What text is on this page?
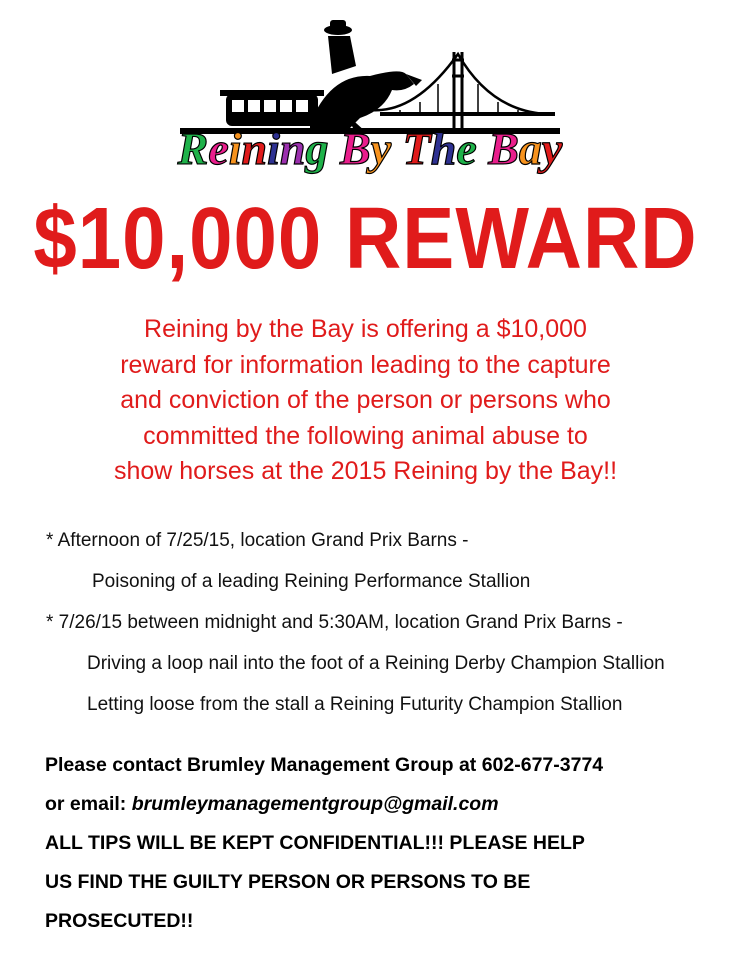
Reining By The Bay
$10,000 REWARD
Reining by the Bay is offering a $10,000
reward for information leading to the capture
and conviction of the person or persons who
committed the following animal abuse to
show horses at the 2015 Reining by the Bay!!
* Afternoon of 7/25/15, location Grand Prix Barns -
Poisoning of a leading Reining Performance Stallion
* 7/26/15 between midnight and 5:30AM, location Grand Prix Barns -
Driving a loop nail into the foot of a Reining Derby Champion Stallion
Letting loose from the stall a Reining Futurity Champion Stallion
Please contact Brumley Management Group at 602-677-3774
or email: brumleymanagementgroup@gmail.com
ALL TIPS WILL BE KEPT CONFIDENTIAL!!! PLEASE HELP
US FIND THE GUILTY PERSON OR PERSONS TO BE
PROSECUTED!!
